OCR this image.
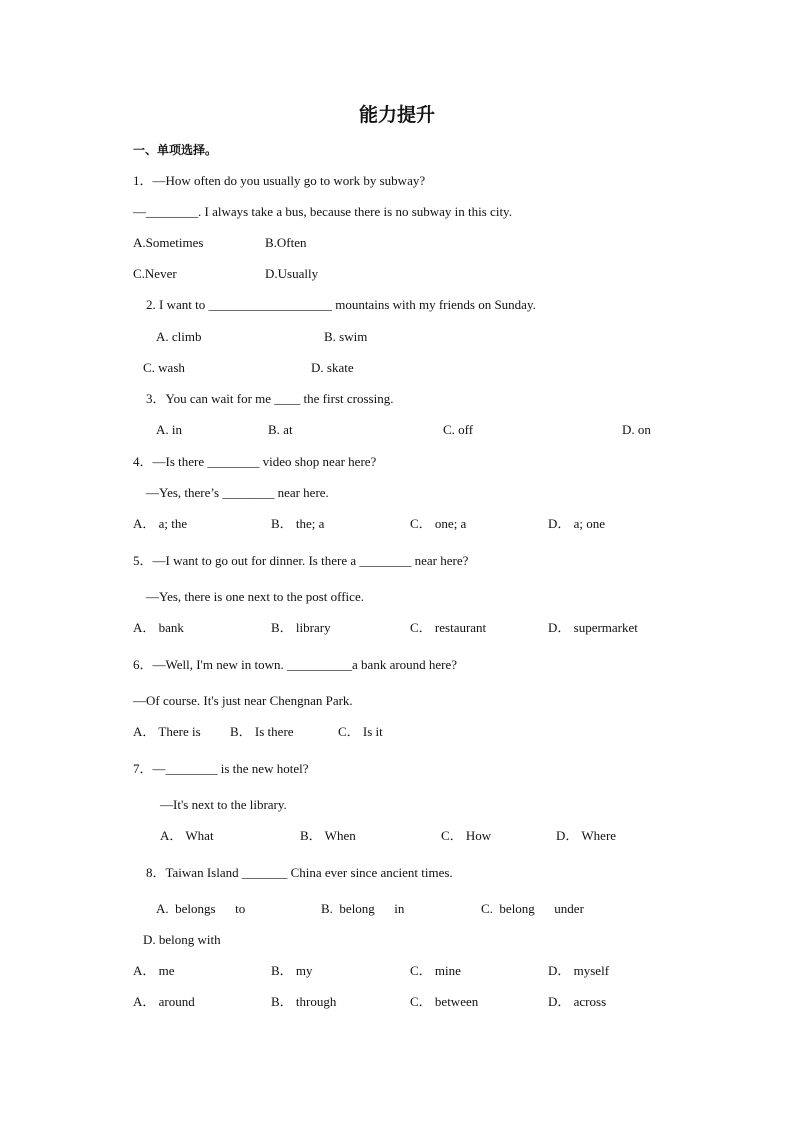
能力提升
一、单项选择。
1．—How often do you usually go to work by subway?
—________. I always take a bus, because there is no subway in this city.
A.Sometimes	B.Often
C.Never	D.Usually
2. I want to ___________________ mountains with my friends on Sunday.
A. climb	B. swim
C. wash	D. skate
3．You can wait for me ____ the first crossing.
A. in	B. at	C. off	D. on
4．—Is there ________ video shop near here?
—Yes, there’s ________ near here.
A． a; the	B． the; a	C． one; a	D． a; one
5．—I want to go out for dinner. Is there a ________ near here?
—Yes, there is one next to the post office.
A． bank	B． library	C． restaurant	D． supermarket
6．—Well, I'm new in town. __________a bank around here?
—Of course. It's just near Chengnan Park.
A． There is B． Is there	C． Is it
7．—________ is the new hotel?
—It's next to the library.
A． What	B． When	C． How	D． Where
8．Taiwan Island _______ China ever since ancient times.
A.  belongs      to	B.  belong      in	C.  belong      under
D. belong with
A． me	B． my	C． mine	D． myself
A． around	B． through	C． between	D． across
